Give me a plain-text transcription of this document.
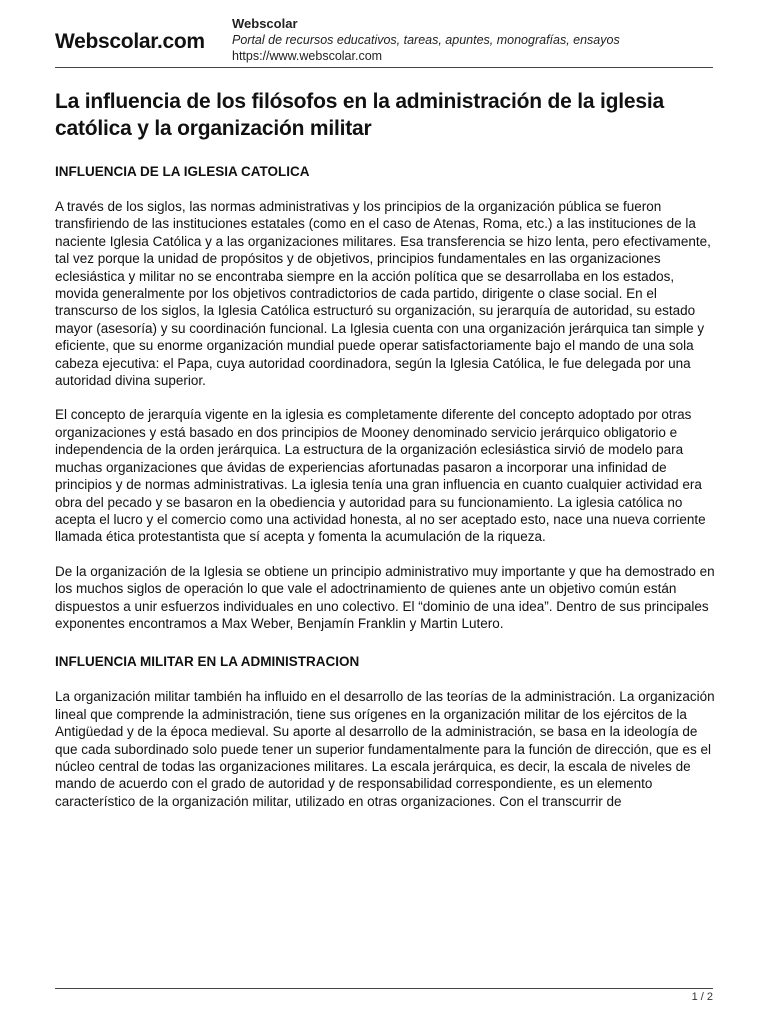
Webscolar.com
Webscolar
Portal de recursos educativos, tareas, apuntes, monografías, ensayos
https://www.webscolar.com
La influencia de los filósofos en la administración de la iglesia católica y la organización militar
INFLUENCIA DE LA IGLESIA CATOLICA

A través de los siglos, las normas administrativas y los principios de la organización pública se fueron transfiriendo de las instituciones estatales (como en el caso de Atenas, Roma, etc.) a las instituciones de la naciente Iglesia Católica y a las organizaciones militares. Esa transferencia se hizo lenta, pero efectivamente, tal vez porque la unidad de propósitos y de objetivos, principios fundamentales en las organizaciones eclesiástica y militar no se encontraba siempre en la acción política que se desarrollaba en los estados, movida generalmente por los objetivos contradictorios de cada partido, dirigente o clase social. En el transcurso de los siglos, la Iglesia Católica estructuró su organización, su jerarquía de autoridad, su estado mayor (asesoría) y su coordinación funcional. La Iglesia cuenta con una organización jerárquica tan simple y eficiente, que su enorme organización mundial puede operar satisfactoriamente bajo el mando de una sola cabeza ejecutiva: el Papa, cuya autoridad coordinadora, según la Iglesia Católica, le fue delegada por una autoridad divina superior.

El concepto de jerarquía vigente en la iglesia es completamente diferente del concepto adoptado por otras organizaciones y está basado en dos principios de Mooney denominado servicio jerárquico obligatorio e independencia de la orden jerárquica. La estructura de la organización eclesiástica sirvió de modelo para muchas organizaciones que ávidas de experiencias afortunadas pasaron a incorporar una infinidad de principios y de normas administrativas. La iglesia tenía una gran influencia en cuanto cualquier actividad era obra del pecado y se basaron en la obediencia y autoridad para su funcionamiento. La iglesia católica no acepta el lucro y el comercio como una actividad honesta, al no ser aceptado esto, nace una nueva corriente llamada ética protestantista que sí acepta y fomenta la acumulación de la riqueza.

De la organización de la Iglesia se obtiene un principio administrativo muy importante y que ha demostrado en los muchos siglos de operación lo que vale el adoctrinamiento de quienes ante un objetivo común están dispuestos a unir esfuerzos individuales en uno colectivo. El “dominio de una idea”. Dentro de sus principales exponentes encontramos a Max Weber, Benjamín Franklin y Martin Lutero.

INFLUENCIA MILITAR EN LA ADMINISTRACION

La organización militar también ha influido en el desarrollo de las teorías de la administración. La organización lineal que comprende la administración, tiene sus orígenes en la organización militar de los ejércitos de la Antigüedad y de la época medieval. Su aporte al desarrollo de la administración, se basa en la ideología de que cada subordinado solo puede tener un superior fundamentalmente para la función de dirección, que es el núcleo central de todas las organizaciones militares. La escala jerárquica, es decir, la escala de niveles de mando de acuerdo con el grado de autoridad y de responsabilidad correspondiente, es un elemento característico de la organización militar, utilizado en otras organizaciones. Con el transcurrir de

1 / 2
